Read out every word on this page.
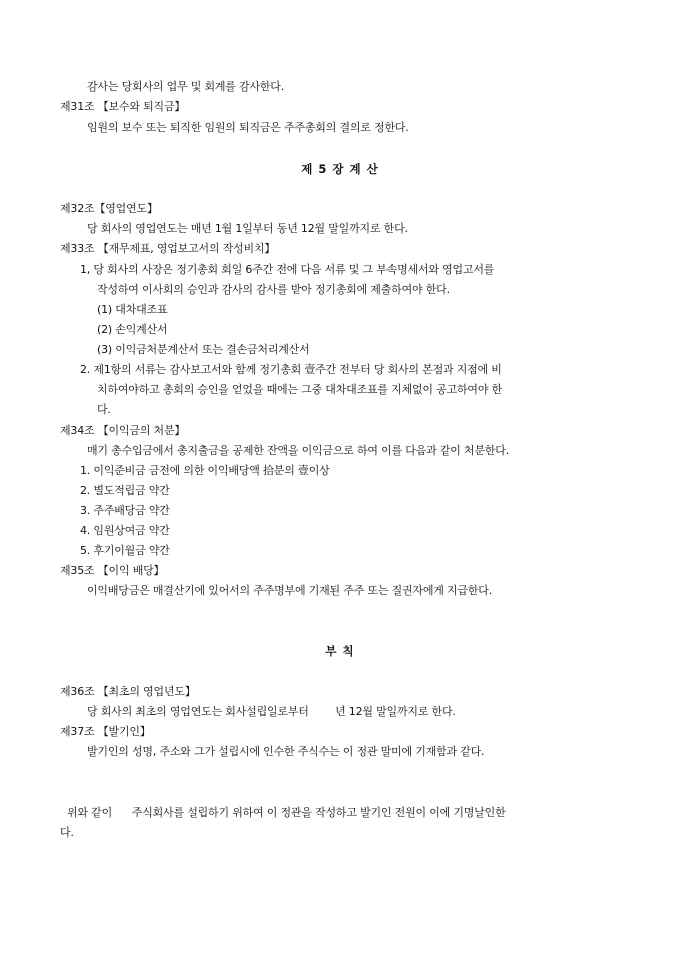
감사는 당회사의 업무 및 회계를 감사한다.
제31조 【보수와 퇴직금】
임원의 보수 또는 퇴직한 임원의 퇴직금은 주주총회의 결의로 정한다.
제 5 장 계 산
제32조【영업연도】
당 회사의 영업연도는 매년 1월 1일부터 동년 12월 말일까지로 한다.
제33조 【재무제표, 영업보고서의 작성비치】
1, 당 회사의 사장은 정기총회 회일 6주간 전에 다음 서류 및 그 부속명세서와 영업고서를
작성하여 이사회의 승인과 감사의 감사를 받아 정기총회에 제출하여야 한다.
(1) 대차대조표
(2) 손익계산서
(3) 이익금처분계산서 또는 결손금처리계산서
2. 제1항의 서류는 감사보고서와 함께 정기총회 壹주간 전부터 당 회사의 본점과 지점에 비
치하여야하고 총회의 승인을 얻었을 때에는 그중 대차대조표를 지체없이 공고하여야 한
다.
제34조 【이익금의 처분】
매기 총수입금에서 총지출금을 공제한 잔액을 이익금으로 하여 이를 다음과 같이 처분한다.
1. 이익준비금 금전에 의한 이익배당액 拾분의 壹이상
2. 별도적립금 약간
3. 주주배당금 약간
4. 임원상여금 약간
5. 후기이월금 약간
제35조 【이익 배당】
이익배당금은 매결산기에 있어서의 주주명부에 기재된 주주 또는 질권자에게 지급한다.
부 칙
제36조 【최초의 영업년도】
당 회사의 최초의 영업연도는 회사설립일로부터        년 12월 말일까지로 한다.
제37조 【발기인】
발기인의 성명, 주소와 그가 설립시에 인수한 주식수는 이 정관 말미에 기재함과 같다.
위와 같이      주식회사를 설립하기 위하여 이 정관을 작성하고 발기인 전원이 이에 기명날인한
다.
